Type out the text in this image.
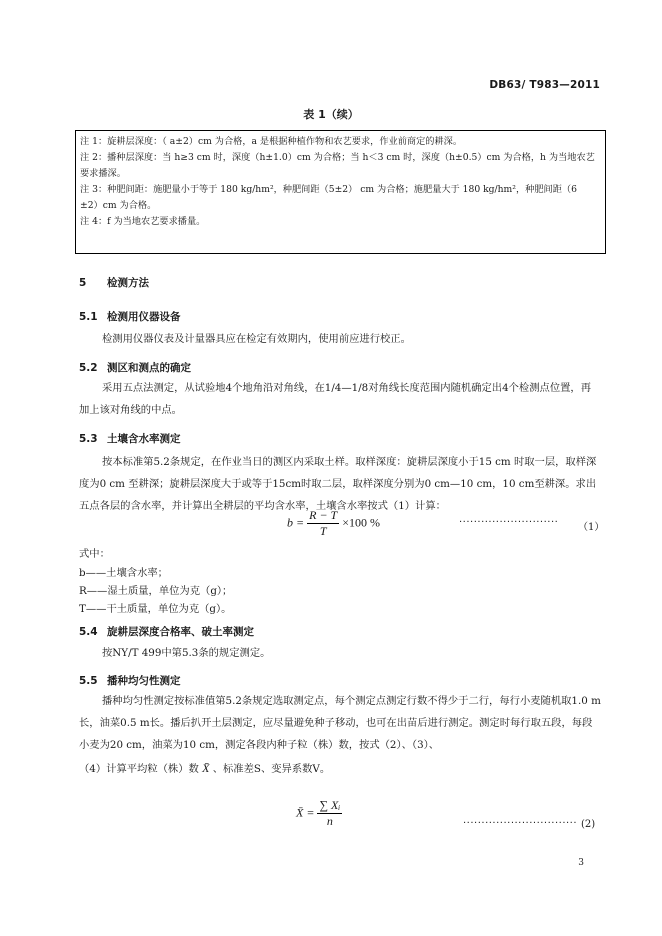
DB63/ T983—2011
表 1（续）
注 1：旋耕层深度：（ a±2）cm 为合格，a 是根据种植作物和农艺要求，作业前商定的耕深。
注 2：播种层深度：当 h≥3 cm 时，深度（h±1.0）cm 为合格；当 h＜3 cm 时，深度（h±0.5）cm 为合格，h 为当地农艺
要求播深。
注 3：种肥间距：施肥量小于等于 180 kg/hm²，种肥间距（5±2） cm 为合格；施肥量大于 180 kg/hm²，种肥间距（6
±2）cm 为合格。
注 4：f 为当地农艺要求播量。
5 检测方法
5.1 检测用仪器设备
检测用仪器仪表及计量器具应在检定有效期内，使用前应进行校正。
5.2 测区和测点的确定
采用五点法测定，从试验地4个地角沿对角线，在1/4—1/8对角线长度范围内随机确定出4个检测点位置，再加上该对角线的中点。
5.3 土壤含水率测定
按本标准第5.2条规定，在作业当日的测区内采取土样。取样深度：旋耕层深度小于15 cm 时取一层，取样深度为0 cm 至耕深；旋耕层深度大于或等于15cm时取二层，取样深度分别为0 cm—10 cm，10 cm至耕深。求出五点各层的含水率，并计算出全耕层的平均含水率，土壤含水率按式（1）计算：
$b = \frac{R - T}{T} \times 100$ %	··························· （1）
式中：
b——土壤含水率；
R——湿土质量，单位为克（g）；
T——干土质量，单位为克（g）。
5.4 旋耕层深度合格率、破土率测定
按NY/T 499中第5.3条的规定测定。
5.5 播种均匀性测定
播种均匀性测定按标准值第5.2条规定选取测定点，每个测定点测定行数不得少于二行，每行小麦随机取1.0 m 长，油菜0.5 m长。播后扒开土层测定，应尽量避免种子移动，也可在出苗后进行测定。测定时每行取五段，每段小麦为20 cm，油菜为10 cm，测定各段内种子粒（株）数，按式（2）、（3）、
（4）计算平均粒（株）数 X̄ 、标准差S、变异系数V。
X̄ = $\frac{\text{∑ Xᵢ}}{n}$	······························· (2)
3
